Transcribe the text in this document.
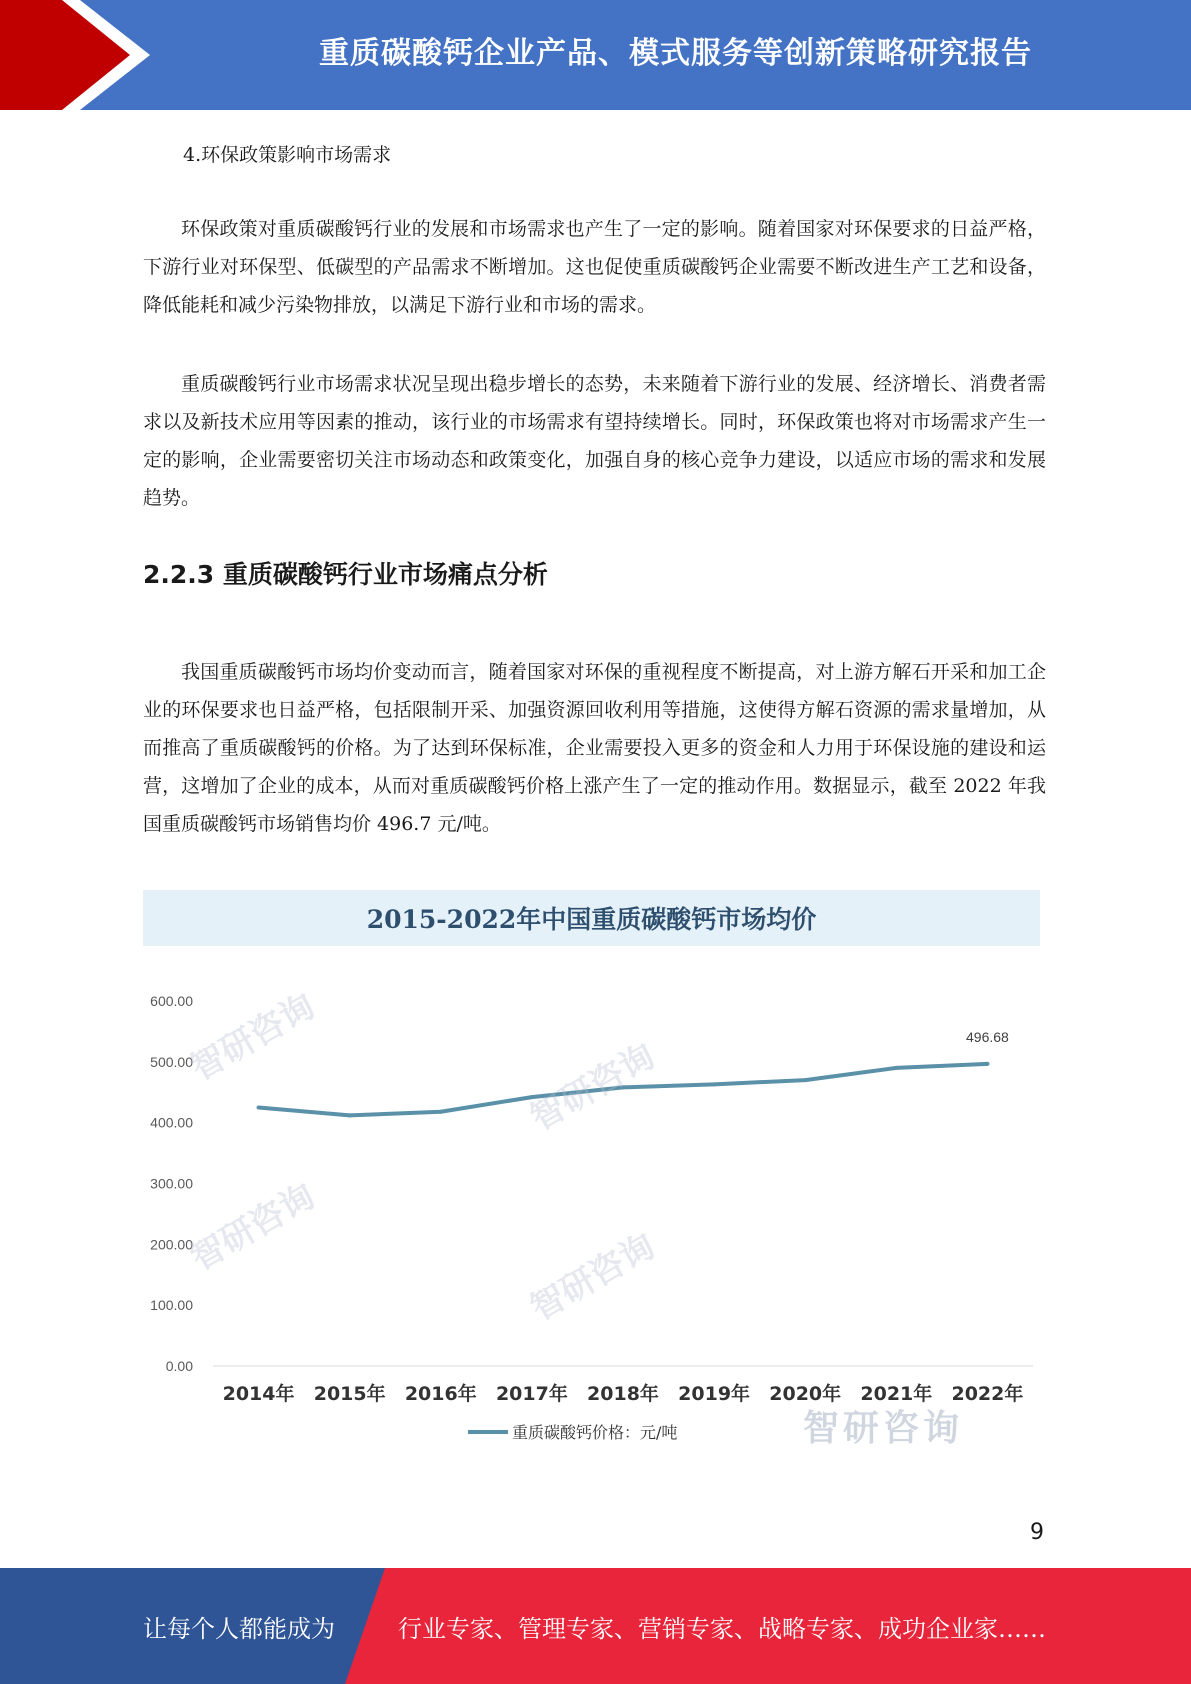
重质碳酸钙企业产品、模式服务等创新策略研究报告

4.环保政策影响市场需求

环保政策对重质碳酸钙行业的发展和市场需求也产生了一定的影响。随着国家对环保要求的日益严格，下游行业对环保型、低碳型的产品需求不断增加。这也促使重质碳酸钙企业需要不断改进生产工艺和设备，降低能耗和减少污染物排放，以满足下游行业和市场的需求。

重质碳酸钙行业市场需求状况呈现出稳步增长的态势，未来随着下游行业的发展、经济增长、消费者需求以及新技术应用等因素的推动，该行业的市场需求有望持续增长。同时，环保政策也将对市场需求产生一定的影响，企业需要密切关注市场动态和政策变化，加强自身的核心竞争力建设，以适应市场的需求和发展趋势。

2.2.3 重质碳酸钙行业市场痛点分析

我国重质碳酸钙市场均价变动而言，随着国家对环保的重视程度不断提高，对上游方解石开采和加工企业的环保要求也日益严格，包括限制开采、加强资源回收利用等措施，这使得方解石资源的需求量增加，从而推高了重质碳酸钙的价格。为了达到环保标准，企业需要投入更多的资金和人力用于环保设施的建设和运营，这增加了企业的成本，从而对重质碳酸钙价格上涨产生了一定的推动作用。数据显示，截至 2022 年我国重质碳酸钙市场销售均价 496.7 元/吨。

2015-2022年中国重质碳酸钙市场均价
0.00
100.00
200.00
300.00
400.00
500.00
600.00
2014年 2015年 2016年 2017年 2018年 2019年 2020年 2021年 2022年
496.68
重质碳酸钙价格：元/吨	智研咨询
智研咨询	智研咨询
智研咨询	智研咨询
9
让每个人都能成为	行业专家、管理专家、营销专家、战略专家、成功企业家……
